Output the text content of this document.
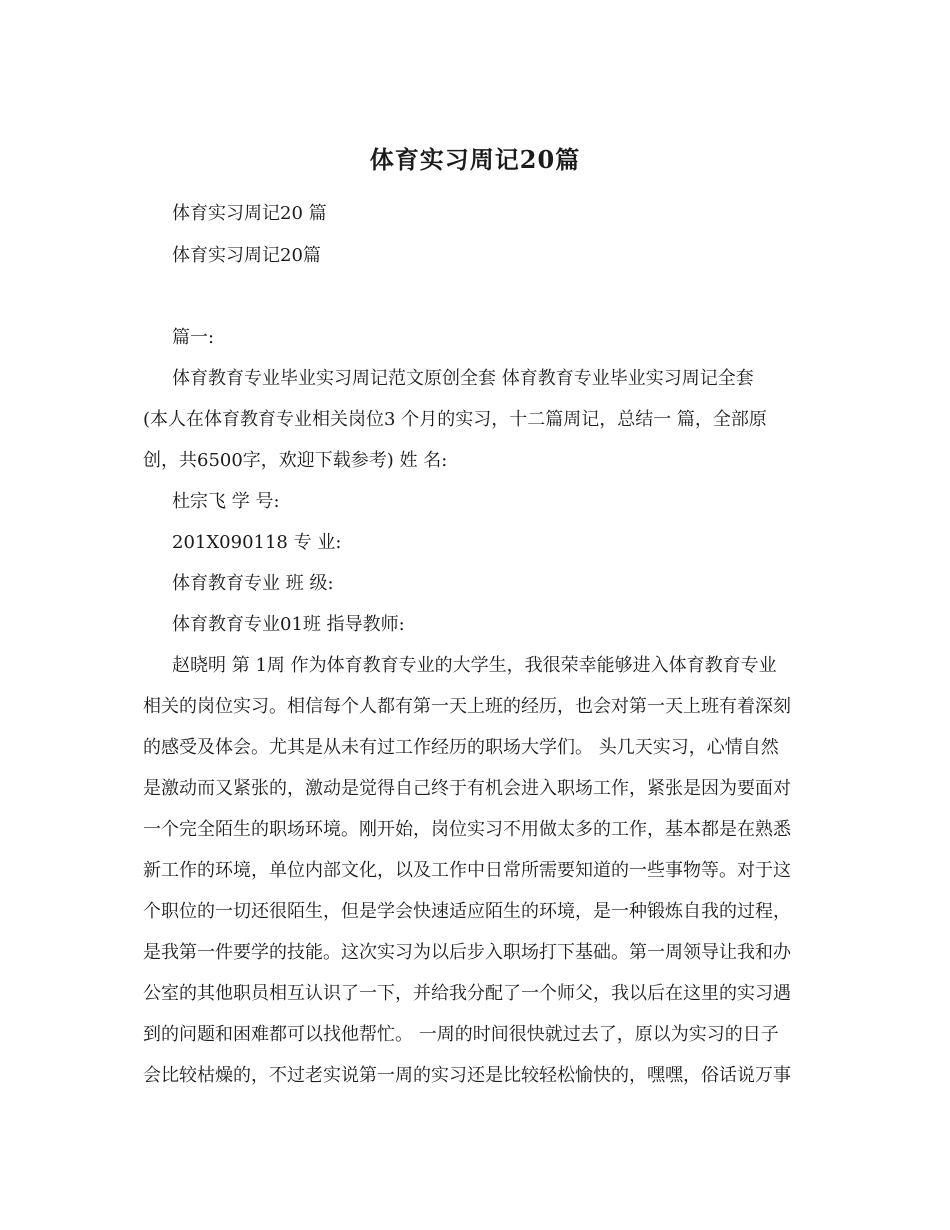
体育实习周记20篇
体育实习周记20 篇
体育实习周记20篇
篇一:
体育教育专业毕业实习周记范文原创全套 体育教育专业毕业实习周记全套
(本人在体育教育专业相关岗位3 个月的实习，十二篇周记，总结一 篇，全部原
创，共6500字，欢迎下载参考) 姓 名:
杜宗飞 学 号:
201X090118 专 业:
体育教育专业 班 级:
体育教育专业01班 指导教师:
赵晓明 第 1周 作为体育教育专业的大学生，我很荣幸能够进入体育教育专业
相关的岗位实习。相信每个人都有第一天上班的经历，也会对第一天上班有着深刻
的感受及体会。尤其是从未有过工作经历的职场大学们。 头几天实习，心情自然
是激动而又紧张的，激动是觉得自己终于有机会进入职场工作，紧张是因为要面对
一个完全陌生的职场环境。刚开始，岗位实习不用做太多的工作，基本都是在熟悉
新工作的环境，单位内部文化，以及工作中日常所需要知道的一些事物等。对于这
个职位的一切还很陌生，但是学会快速适应陌生的环境，是一种锻炼自我的过程，
是我第一件要学的技能。这次实习为以后步入职场打下基础。第一周领导让我和办
公室的其他职员相互认识了一下，并给我分配了一个师父，我以后在这里的实习遇
到的问题和困难都可以找他帮忙。 一周的时间很快就过去了，原以为实习的日子
会比较枯燥的，不过老实说第一周的实习还是比较轻松愉快的，嘿嘿，俗话说万事
